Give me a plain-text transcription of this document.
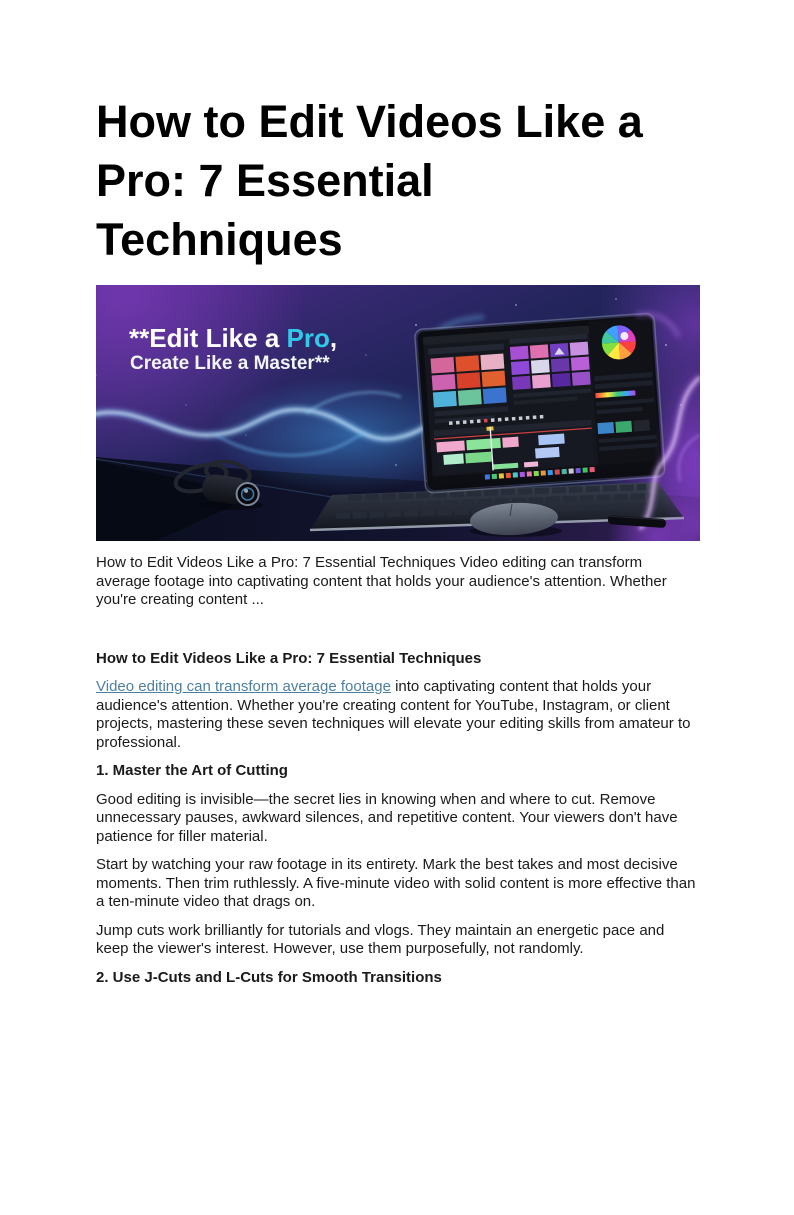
How to Edit Videos Like a
Pro: 7 Essential
Techniques
**Edit Like a Pro,
Create Like a Master**

How to Edit Videos Like a Pro: 7 Essential Techniques Video editing can transform average footage into captivating content that holds your audience's attention. Whether you're creating content ...

How to Edit Videos Like a Pro: 7 Essential Techniques

Video editing can transform average footage into captivating content that holds your audience's attention. Whether you're creating content for YouTube, Instagram, or client projects, mastering these seven techniques will elevate your editing skills from amateur to professional.

1. Master the Art of Cutting

Good editing is invisible—the secret lies in knowing when and where to cut. Remove unnecessary pauses, awkward silences, and repetitive content. Your viewers don't have patience for filler material.

Start by watching your raw footage in its entirety. Mark the best takes and most decisive moments. Then trim ruthlessly. A five-minute video with solid content is more effective than a ten-minute video that drags on.

Jump cuts work brilliantly for tutorials and vlogs. They maintain an energetic pace and keep the viewer's interest. However, use them purposefully, not randomly.

2. Use J-Cuts and L-Cuts for Smooth Transitions
